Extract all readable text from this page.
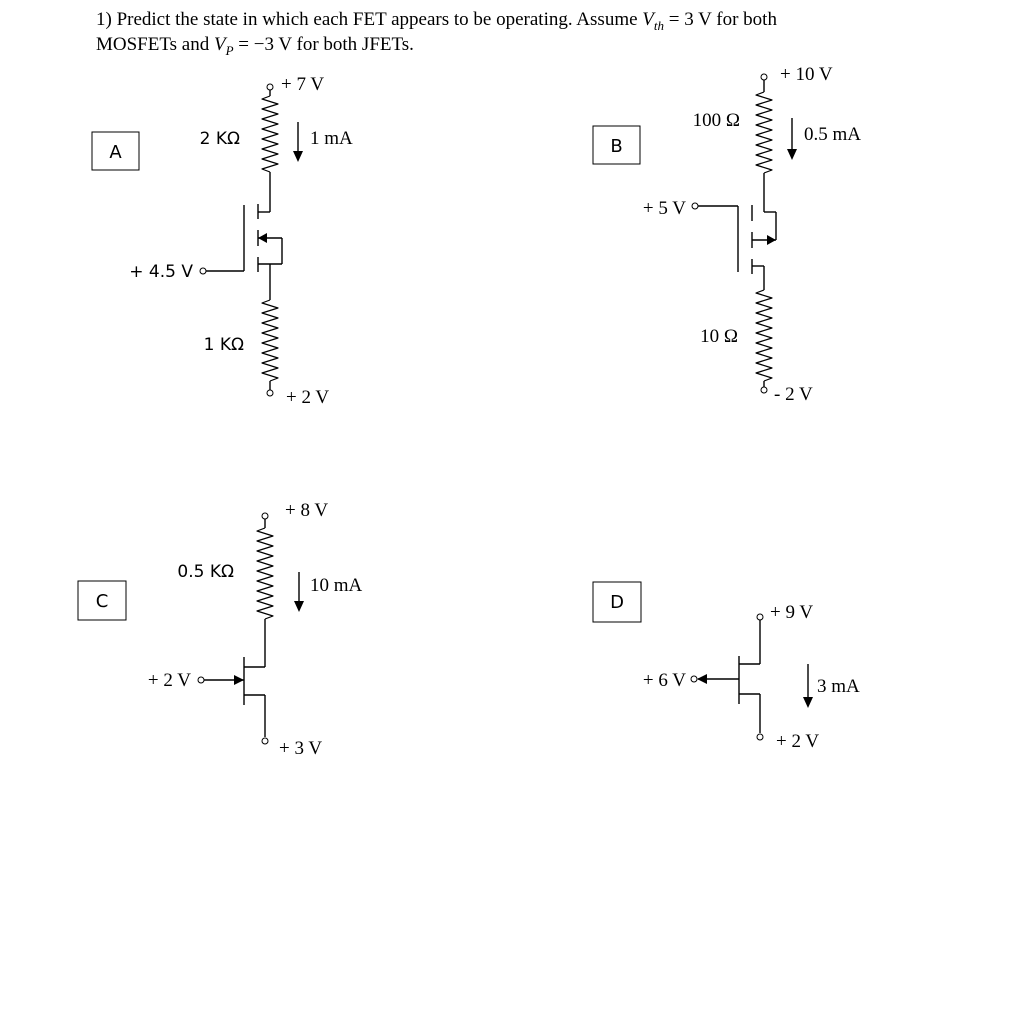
1) Predict the state in which each FET appears to be operating. Assume $V_{th} = 3$ V for both
MOSFETs and $V_P = -3$ V for both JFETs.

A
+ 7 V
2 KΩ	1 mA
+ 4.5 V
1 KΩ
+ 2 V
B
+ 10 V
100 Ω
0.5 mA
+ 5 V
10 Ω
- 2 V
C
+ 8 V
0.5 KΩ
10 mA
+ 2 V
+ 3 V
D	+ 9 V
+ 6 V	3 mA
+ 2 V
